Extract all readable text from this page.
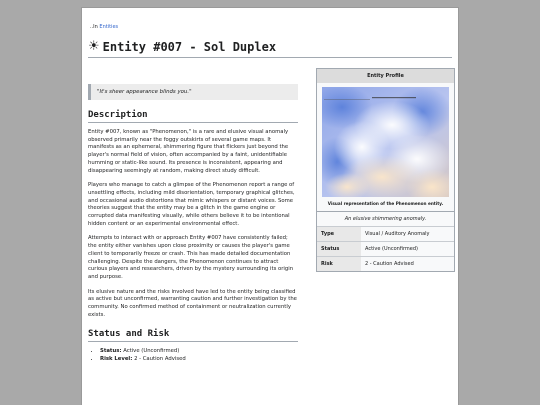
..In Entities
☀ Entity #007 - Sol Duplex
"It's sheer appearance blinds you."
Description

Entity #007, known as "Phenomenon," is a rare and elusive visual anomaly observed primarily near the foggy outskirts of several game maps. It manifests as an ephemeral, shimmering figure that flickers just beyond the player's normal field of vision, often accompanied by a faint, unidentifiable humming or static-like sound. Its presence is inconsistent, appearing and disappearing seemingly at random, making direct study difficult.

Players who manage to catch a glimpse of the Phenomenon report a range of unsettling effects, including mild disorientation, temporary graphical glitches, and occasional audio distortions that mimic whispers or distant voices. Some theories suggest that the entity may be a glitch in the game engine or corrupted data manifesting visually, while others believe it to be intentional hidden content or an experimental environmental effect.

Attempts to interact with or approach Entity #007 have consistently failed; the entity either vanishes upon close proximity or causes the player's game client to temporarily freeze or crash. This has made detailed documentation challenging. Despite the dangers, the Phenomenon continues to attract curious players and researchers, driven by the mystery surrounding its origin and purpose.

Its elusive nature and the risks involved have led to the entity being classified as active but unconfirmed, warranting caution and further investigation by the community. No confirmed method of containment or neutralization currently exists.

Status and Risk
• Status: Active (Unconfirmed)
• Risk Level: 2 - Caution Advised
Entity Profile
Visual representation of the Phenomenon entity.
An elusive shimmering anomaly.
Type	Visual / Auditory Anomaly
Status	Active (Unconfirmed)
Risk	2 - Caution Advised
